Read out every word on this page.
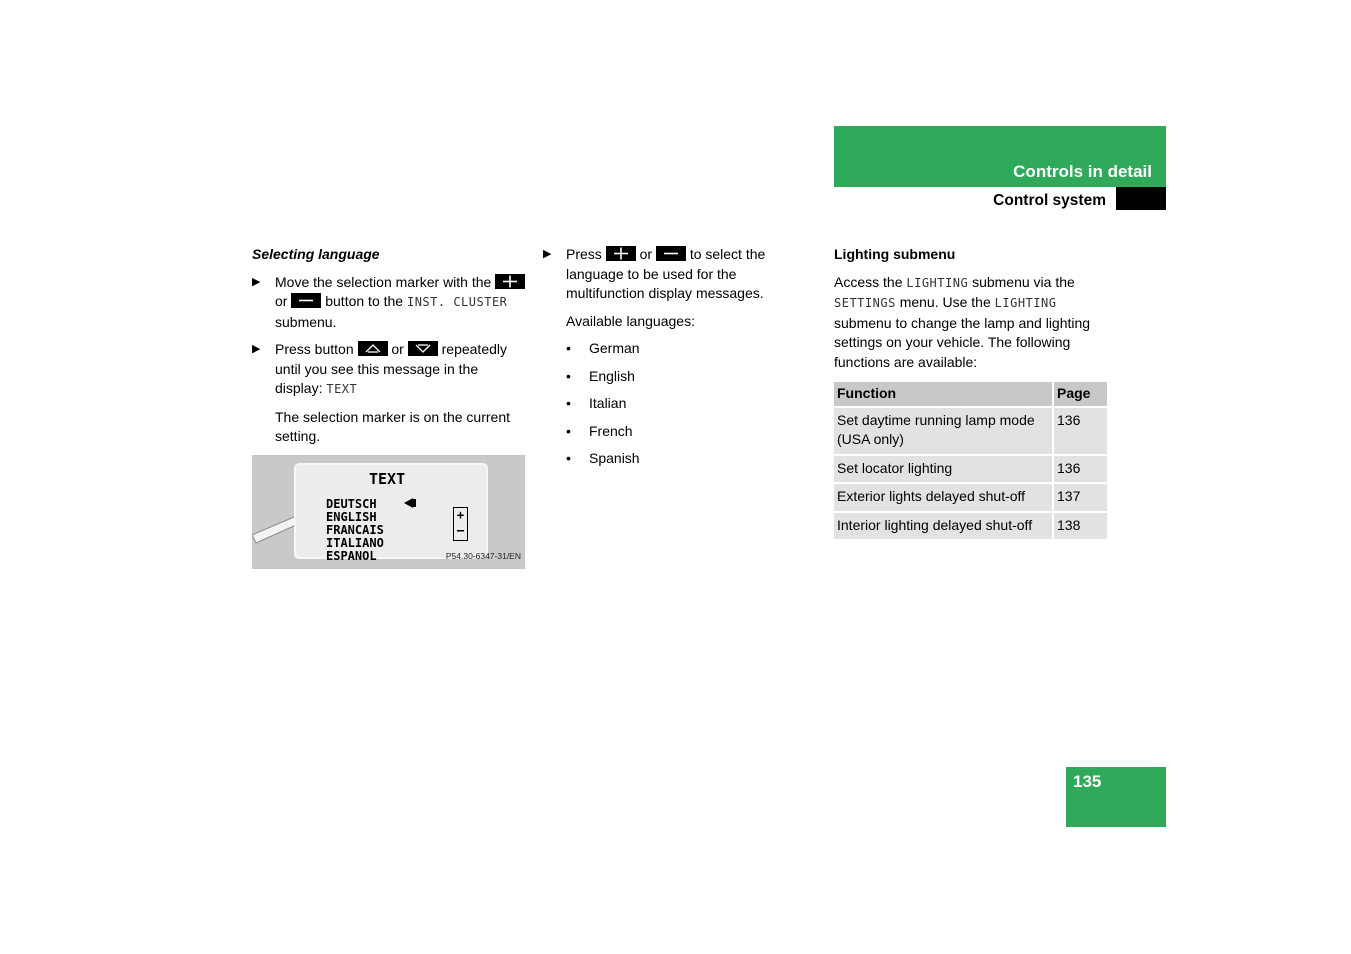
Controls in detail
Control system

Selecting language

▶ Move the selection marker with the
or	button to the INST. CLUSTER submenu.
▶ Press button	or	repeatedly until you see this message in the display: TEXT

The selection marker is on the current setting.

TEXT
DEUTSCH
ENGLISH
FRANCAIS
ITALIANO
ESPANOL
+
–
P54.30-6347-31/EN
▶ Press	or	to select the language to be used for the multifunction display messages.

Available languages:

• German
• English
• Italian
• French
• Spanish

Lighting submenu

Access the LIGHTING submenu via the SETTINGS menu. Use the LIGHTING submenu to change the lamp and lighting settings on your vehicle. The following functions are available:

Function	Page
Set daytime running lamp mode (USA only)	136
Set locator lighting	136
Exterior lights delayed shut-off	137
Interior lighting delayed shut-off	138
135
